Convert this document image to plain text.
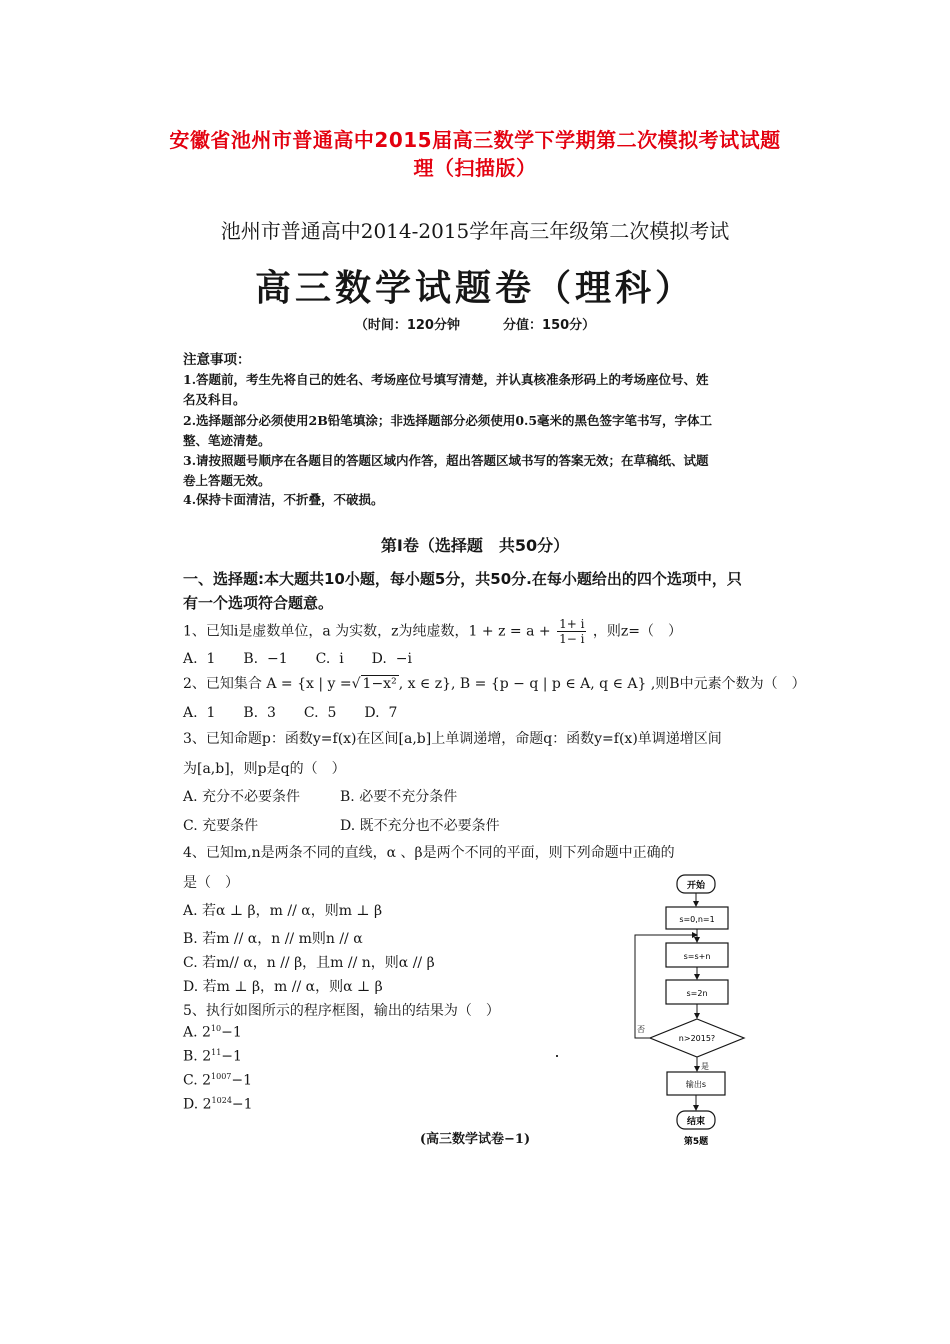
安徽省池州市普通高中2015届高三数学下学期第二次模拟考试试题
理（扫描版）
池州市普通高中2014-2015学年高三年级第二次模拟考试
高三数学试题卷（理科）
（时间：120分钟	分值：150分）
注意事项：
1.答题前，考生先将自己的姓名、考场座位号填写清楚，并认真核准条形码上的考场座位号、姓
名及科目。
2.选择题部分必须使用2B铅笔填涂；非选择题部分必须使用0.5毫米的黑色签字笔书写，字体工
整、笔迹清楚。
3.请按照题号顺序在各题目的答题区域内作答，超出答题区域书写的答案无效；在草稿纸、试题
卷上答题无效。
4.保持卡面清洁，不折叠，不破损。
第Ⅰ卷（选择题　共50分）
一、选择题:本大题共10小题，每小题5分，共50分.在每小题给出的四个选项中，只
有一个选项符合题意。
1、已知i是虚数单位，a 为实数，z为纯虚数，$1 + z = a + \frac{1+ i}{1- i}$ ，则z=（　）
A.  1　　B.  −1　　C.  i　　D.  −i
2、已知集合 A = {x | y =√ 1−x² , x ∈ z}, B = {p − q | p ∈ A, q ∈ A} ,则B中元素个数为（　）
A.  1　　B.  3　　C.  5　　D.  7
3、已知命题p：函数y=f(x)在区间[a,b]上单调递增，命题q：函数y=f(x)单调递增区间
为[a,b]，则p是q的（　）
A. 充分不必要条件	B. 必要不充分条件
C. 充要条件	D. 既不充分也不必要条件
4、已知m,n是两条不同的直线，α 、β是两个不同的平面，则下列命题中正确的
是（　）
A. 若α ⊥ β，m // α，则m ⊥ β
B. 若m // α，n // m则n // α
C. 若m// α，n // β，且m // n，则α // β
D. 若m ⊥ β，m // α，则α ⊥ β
5、执行如图所示的程序框图，输出的结果为（　）
A. $2^{10}-1$
B. $2^{11}-1$
C. $2^{1007}-1$
D. $2^{1024}-1$
开始
s=0,n=1
s=s+n
s=2n
n>2015?
否
是
输出s
结束
第5题
(高三数学试卷−1)
